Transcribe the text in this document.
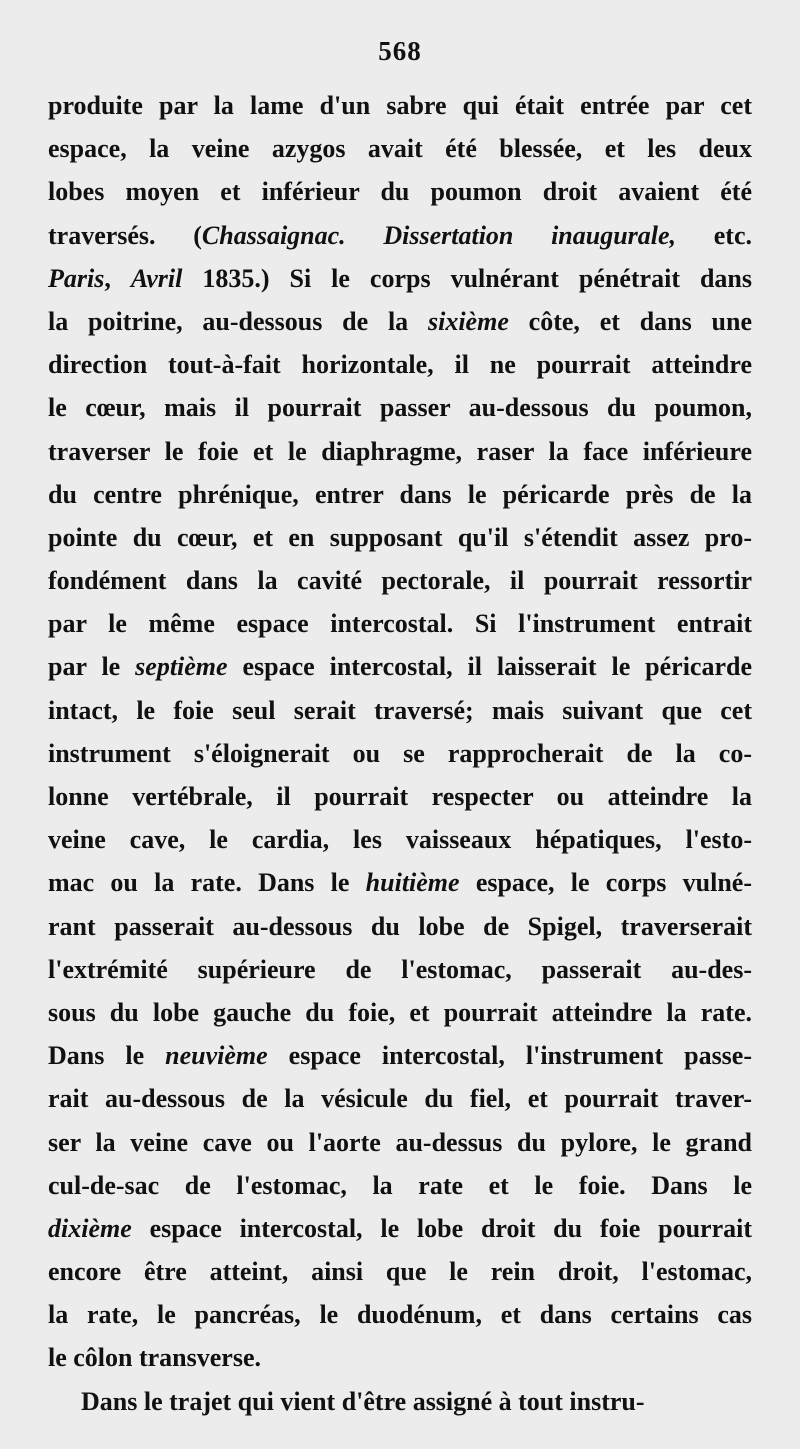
568
produite par la lame d'un sabre qui était entrée par cet
espace, la veine azygos avait été blessée, et les deux
lobes moyen et inférieur du poumon droit avaient été
traversés. (Chassaignac. Dissertation inaugurale, etc.
Paris, Avril 1835.) Si le corps vulnérant pénétrait dans
la poitrine, au-dessous de la sixième côte, et dans une
direction tout-à-fait horizontale, il ne pourrait atteindre
le cœur, mais il pourrait passer au-dessous du poumon,
traverser le foie et le diaphragme, raser la face inférieure
du centre phrénique, entrer dans le péricarde près de la
pointe du cœur, et en supposant qu'il s'étendit assez pro-
fondément dans la cavité pectorale, il pourrait ressortir
par le même espace intercostal. Si l'instrument entrait
par le septième espace intercostal, il laisserait le péricarde
intact, le foie seul serait traversé; mais suivant que cet
instrument s'éloignerait ou se rapprocherait de la co-
lonne vertébrale, il pourrait respecter ou atteindre la
veine cave, le cardia, les vaisseaux hépatiques, l'esto-
mac ou la rate. Dans le huitième espace, le corps vulné-
rant passerait au-dessous du lobe de Spigel, traverserait
l'extrémité supérieure de l'estomac, passerait au-des-
sous du lobe gauche du foie, et pourrait atteindre la rate.
Dans le neuvième espace intercostal, l'instrument passe-
rait au-dessous de la vésicule du fiel, et pourrait traver-
ser la veine cave ou l'aorte au-dessus du pylore, le grand
cul-de-sac de l'estomac, la rate et le foie. Dans le
dixième espace intercostal, le lobe droit du foie pourrait
encore être atteint, ainsi que le rein droit, l'estomac,
la rate, le pancréas, le duodénum, et dans certains cas
le côlon transverse.
Dans le trajet qui vient d'être assigné à tout instru-
